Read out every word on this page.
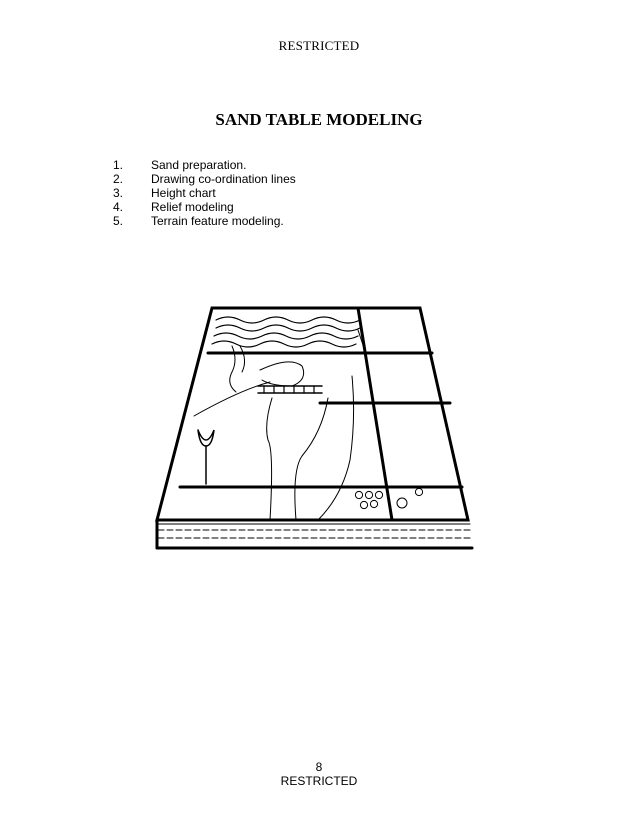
RESTRICTED
SAND TABLE MODELING
1.	Sand preparation.
2.	Drawing co-ordination lines
3.	Height chart
4.	Relief modeling
5.	Terrain feature modeling.
8
RESTRICTED
